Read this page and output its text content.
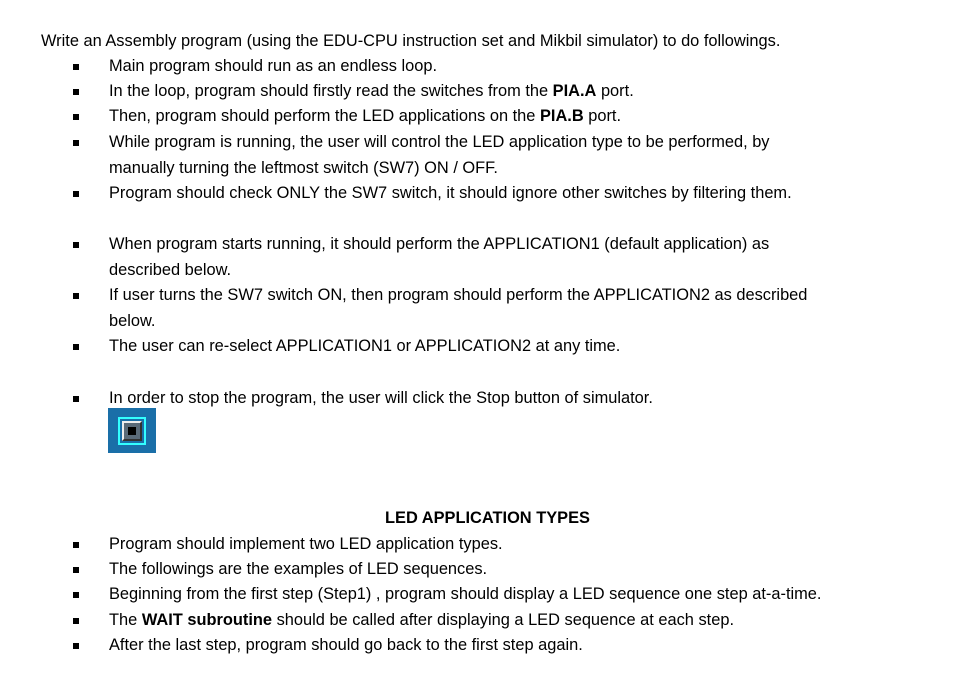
Write an Assembly program (using the EDU-CPU instruction set and Mikbil simulator) to do followings.
manually turning the leftmost switch (SW7) ON / OFF.
described below.
below.
LED APPLICATION TYPES
Main program should run as an endless loop.
In the loop, program should firstly read the switches from the PIA.A port.
Then, program should perform the LED applications on the PIA.B port.
While program is running, the user will control the LED application type to be performed, by
Program should check ONLY the SW7 switch, it should ignore other switches by filtering them.
When program starts running, it should perform the APPLICATION1 (default application) as
If user turns the SW7 switch ON, then program should perform the APPLICATION2 as described
The user can re-select APPLICATION1 or APPLICATION2 at any time.
In order to stop the program, the user will click the Stop button of simulator.
Program should implement two LED application types.
The followings are the examples of LED sequences.
Beginning from the first step (Step1) , program should display a LED sequence one step at-a-time.
The WAIT subroutine should be called after displaying a LED sequence at each step.
After the last step, program should go back to the first step again.
